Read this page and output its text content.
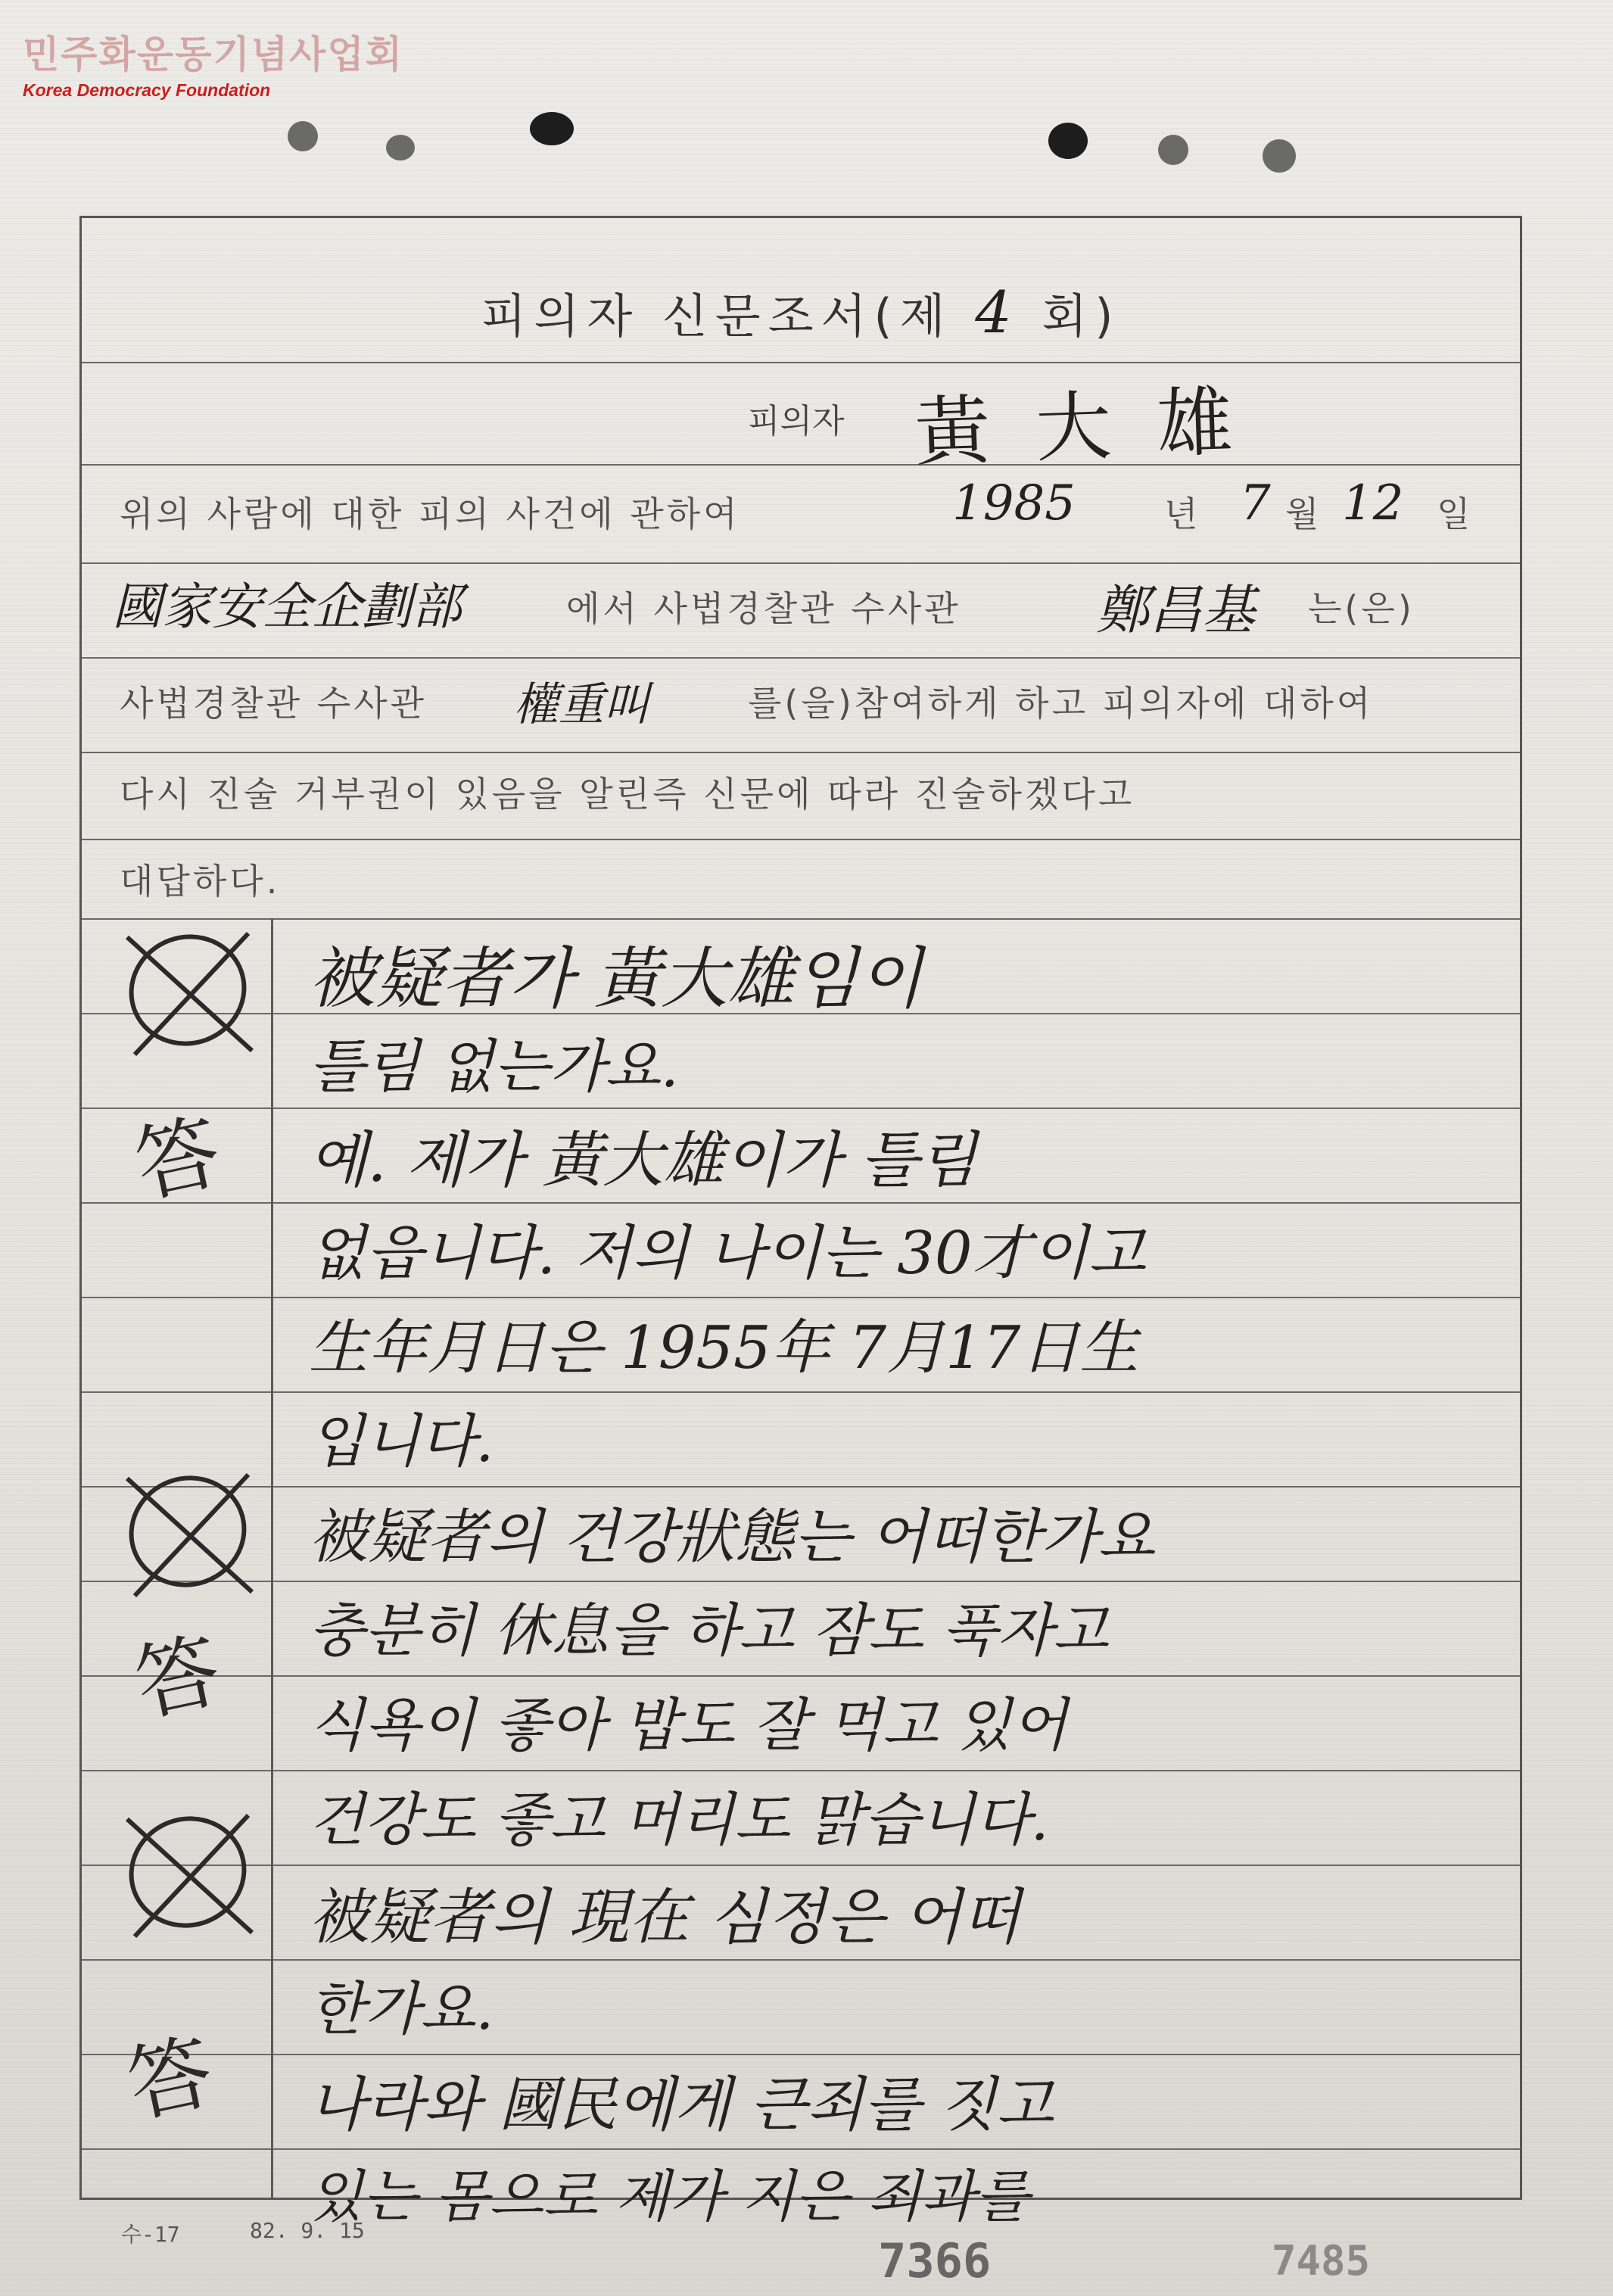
민주화운동기념사업회
Korea Democracy Foundation
피의자 신문조서(제 4 회)
피의자 黃大雄
위의 사람에 대한 피의 사건에 관하여	1985	년 7 월 12 일
國家安全企劃部	에서 사법경찰관 수사관	鄭昌基 는(은)
사법경찰관 수사관 權重叫	를(을)참여하게 하고 피의자에 대하여
다시 진술 거부권이 있음을 알린즉 신문에 따라 진술하겠다고
대답하다.
答
答
答
被疑者가 黃大雄임이
틀림 없는가요.
예. 제가 黃大雄이가 틀림
없읍니다. 저의 나이는 30才이고
生年月日은 1955年 7月17日生
입니다.
被疑者의 건강狀態는 어떠한가요
충분히 休息을 하고 잠도 푹자고
식욕이 좋아 밥도 잘 먹고 있어
건강도 좋고 머리도 맑습니다.
被疑者의 現在 심정은 어떠
한가요.
나라와 國民에게 큰죄를 짓고
있는 몸으로 제가 지은 죄과를
수-17	82. 9. 15
7366	7485
